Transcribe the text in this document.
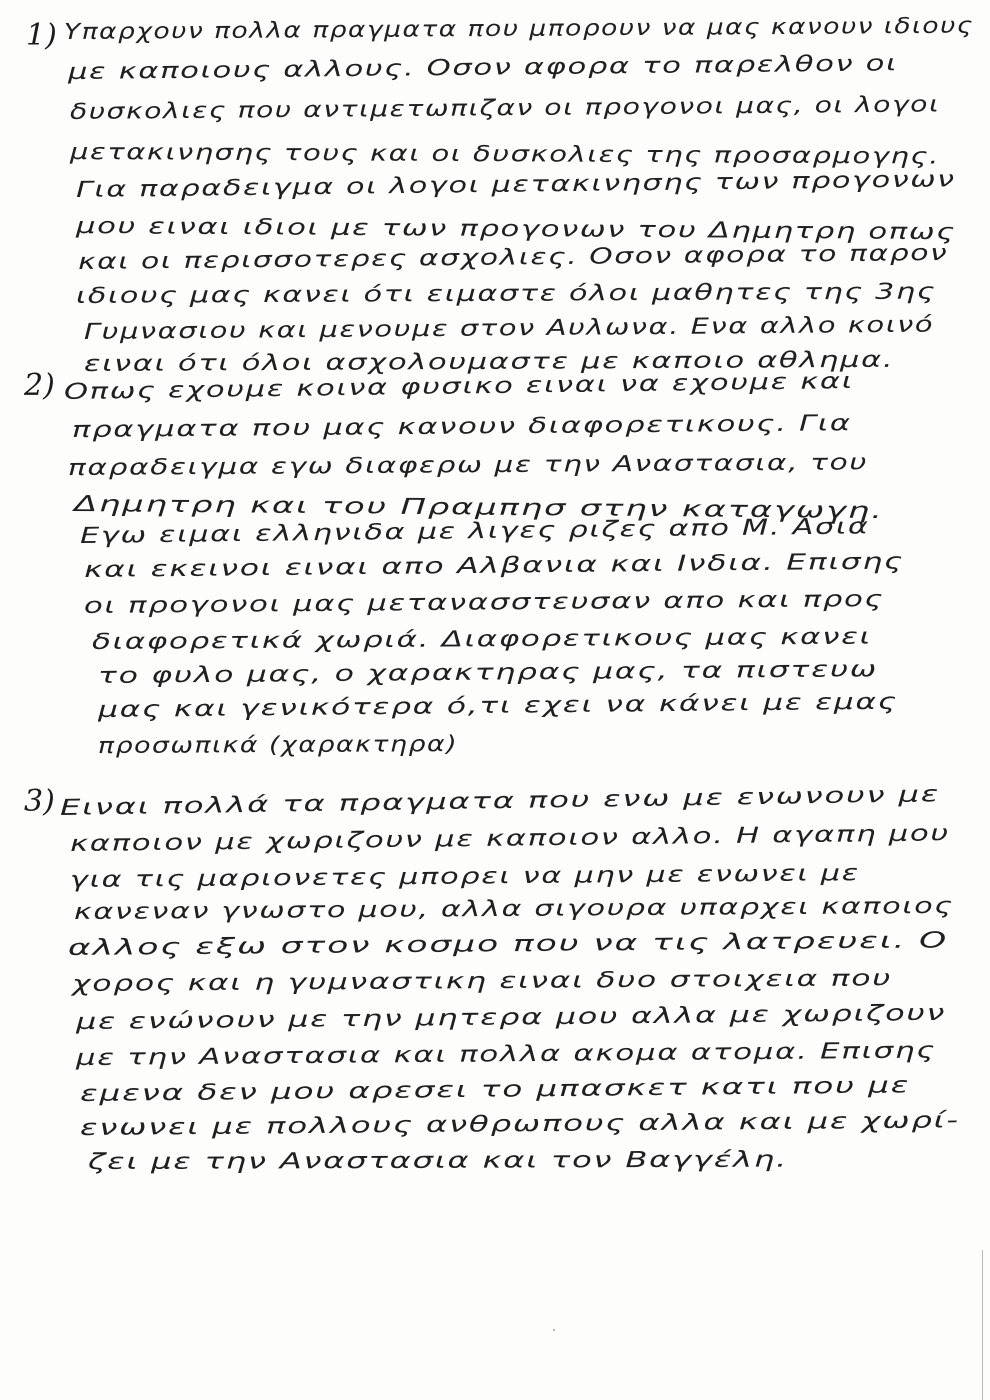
1) Υπαρχουν πολλα πραγματα που μπορουν να μας κανουν ιδιους
με καποιους αλλους. Οσον αφορα το παρελθον οι
δυσκολιες που αντιμετωπιζαν οι προγονοι μας, οι λογοι
μετακινησης τους και οι δυσκολιες της προσαρμογης.
Για παραδειγμα οι λογοι μετακινησης των προγονων
μου ειναι ιδιοι με των προγονων του Δημητρη οπως
και οι περισσοτερες ασχολιες. Οσον αφορα το παρον
ιδιους μας κανει ότι ειμαστε όλοι μαθητες της 3ης
Γυμνασιου και μενουμε στον Αυλωνα. Ενα αλλο κοινό
ειναι ότι όλοι ασχολουμαστε με καποιο αθλημα.
2) Οπως εχουμε κοινα φυσικο ειναι να εχουμε και
πραγματα που μας κανουν διαφορετικους. Για
παραδειγμα εγω διαφερω με την Αναστασια, του
Δημητρη και του Πραμπησ στην καταγωγη.
Εγω ειμαι ελληνιδα με λιγες ριζες απο Μ. Ασια
και εκεινοι ειναι απο Αλβανια και Ινδια. Επισης
οι προγονοι μας μετανασστευσαν απο και προς
διαφορετικά χωριά. Διαφορετικους μας κανει
το φυλο μας, ο χαρακτηρας μας, τα πιστευω
μας και γενικότερα ό,τι εχει να κάνει με εμας
προσωπικά (χαρακτηρα)
3) Ειναι πολλά τα πραγματα που ενω με ενωνουν με
καποιον με χωριζουν με καποιον αλλο. Η αγαπη μου
για τις μαριονετες μπορει να μην με ενωνει με
κανεναν γνωστο μου, αλλα σιγουρα υπαρχει καποιος
αλλος εξω στον κοσμο που να τις λατρευει. Ο
χορος και η γυμναστικη ειναι δυο στοιχεια που
με ενώνουν με την μητερα μου αλλα με χωριζουν
με την Αναστασια και πολλα ακομα ατομα. Επισης
εμενα δεν μου αρεσει το μπασκετ κατι που με
ενωνει με πολλους ανθρωπους αλλα και με χωρί-
ζει με την Αναστασια και τον Βαγγέλη.
